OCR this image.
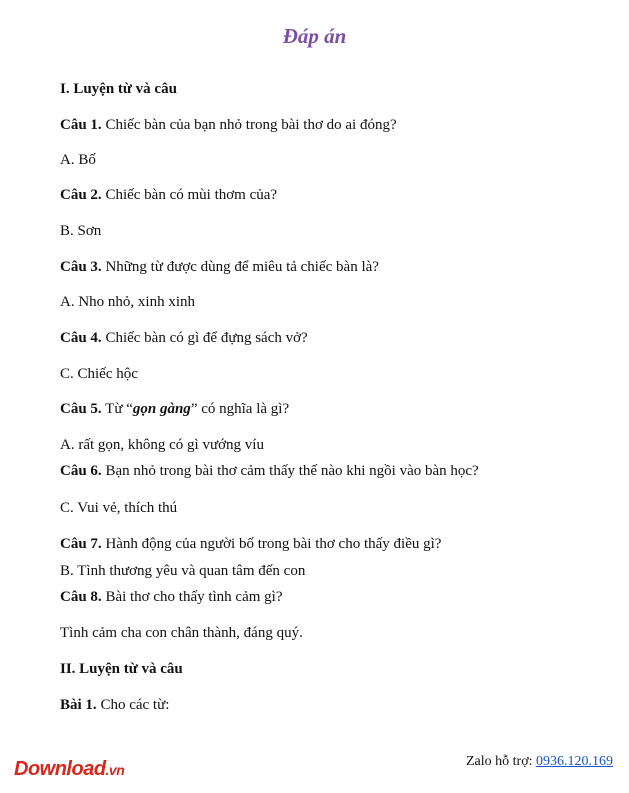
Đáp án
I. Luyện từ và câu
Câu 1. Chiếc bàn của bạn nhỏ trong bài thơ do ai đóng?
A. Bố
Câu 2. Chiếc bàn có mùi thơm của?
B. Sơn
Câu 3. Những từ được dùng để miêu tả chiếc bàn là?
A. Nho nhỏ, xinh xinh
Câu 4. Chiếc bàn có gì để đựng sách vở?
C. Chiếc hộc
Câu 5. Từ “gọn gàng” có nghĩa là gì?
A. rất gọn, không có gì vướng víu
Câu 6. Bạn nhỏ trong bài thơ cảm thấy thế nào khi ngồi vào bàn học?
C. Vui vẻ, thích thú
Câu 7. Hành động của người bố trong bài thơ cho thấy điều gì?
B. Tình thương yêu và quan tâm đến con
Câu 8. Bài thơ cho thấy tình cảm gì?
Tình cảm cha con chân thành, đáng quý.
II. Luyện từ và câu
Bài 1. Cho các từ:
Download.vn
Zalo hỗ trợ: 0936.120.169
